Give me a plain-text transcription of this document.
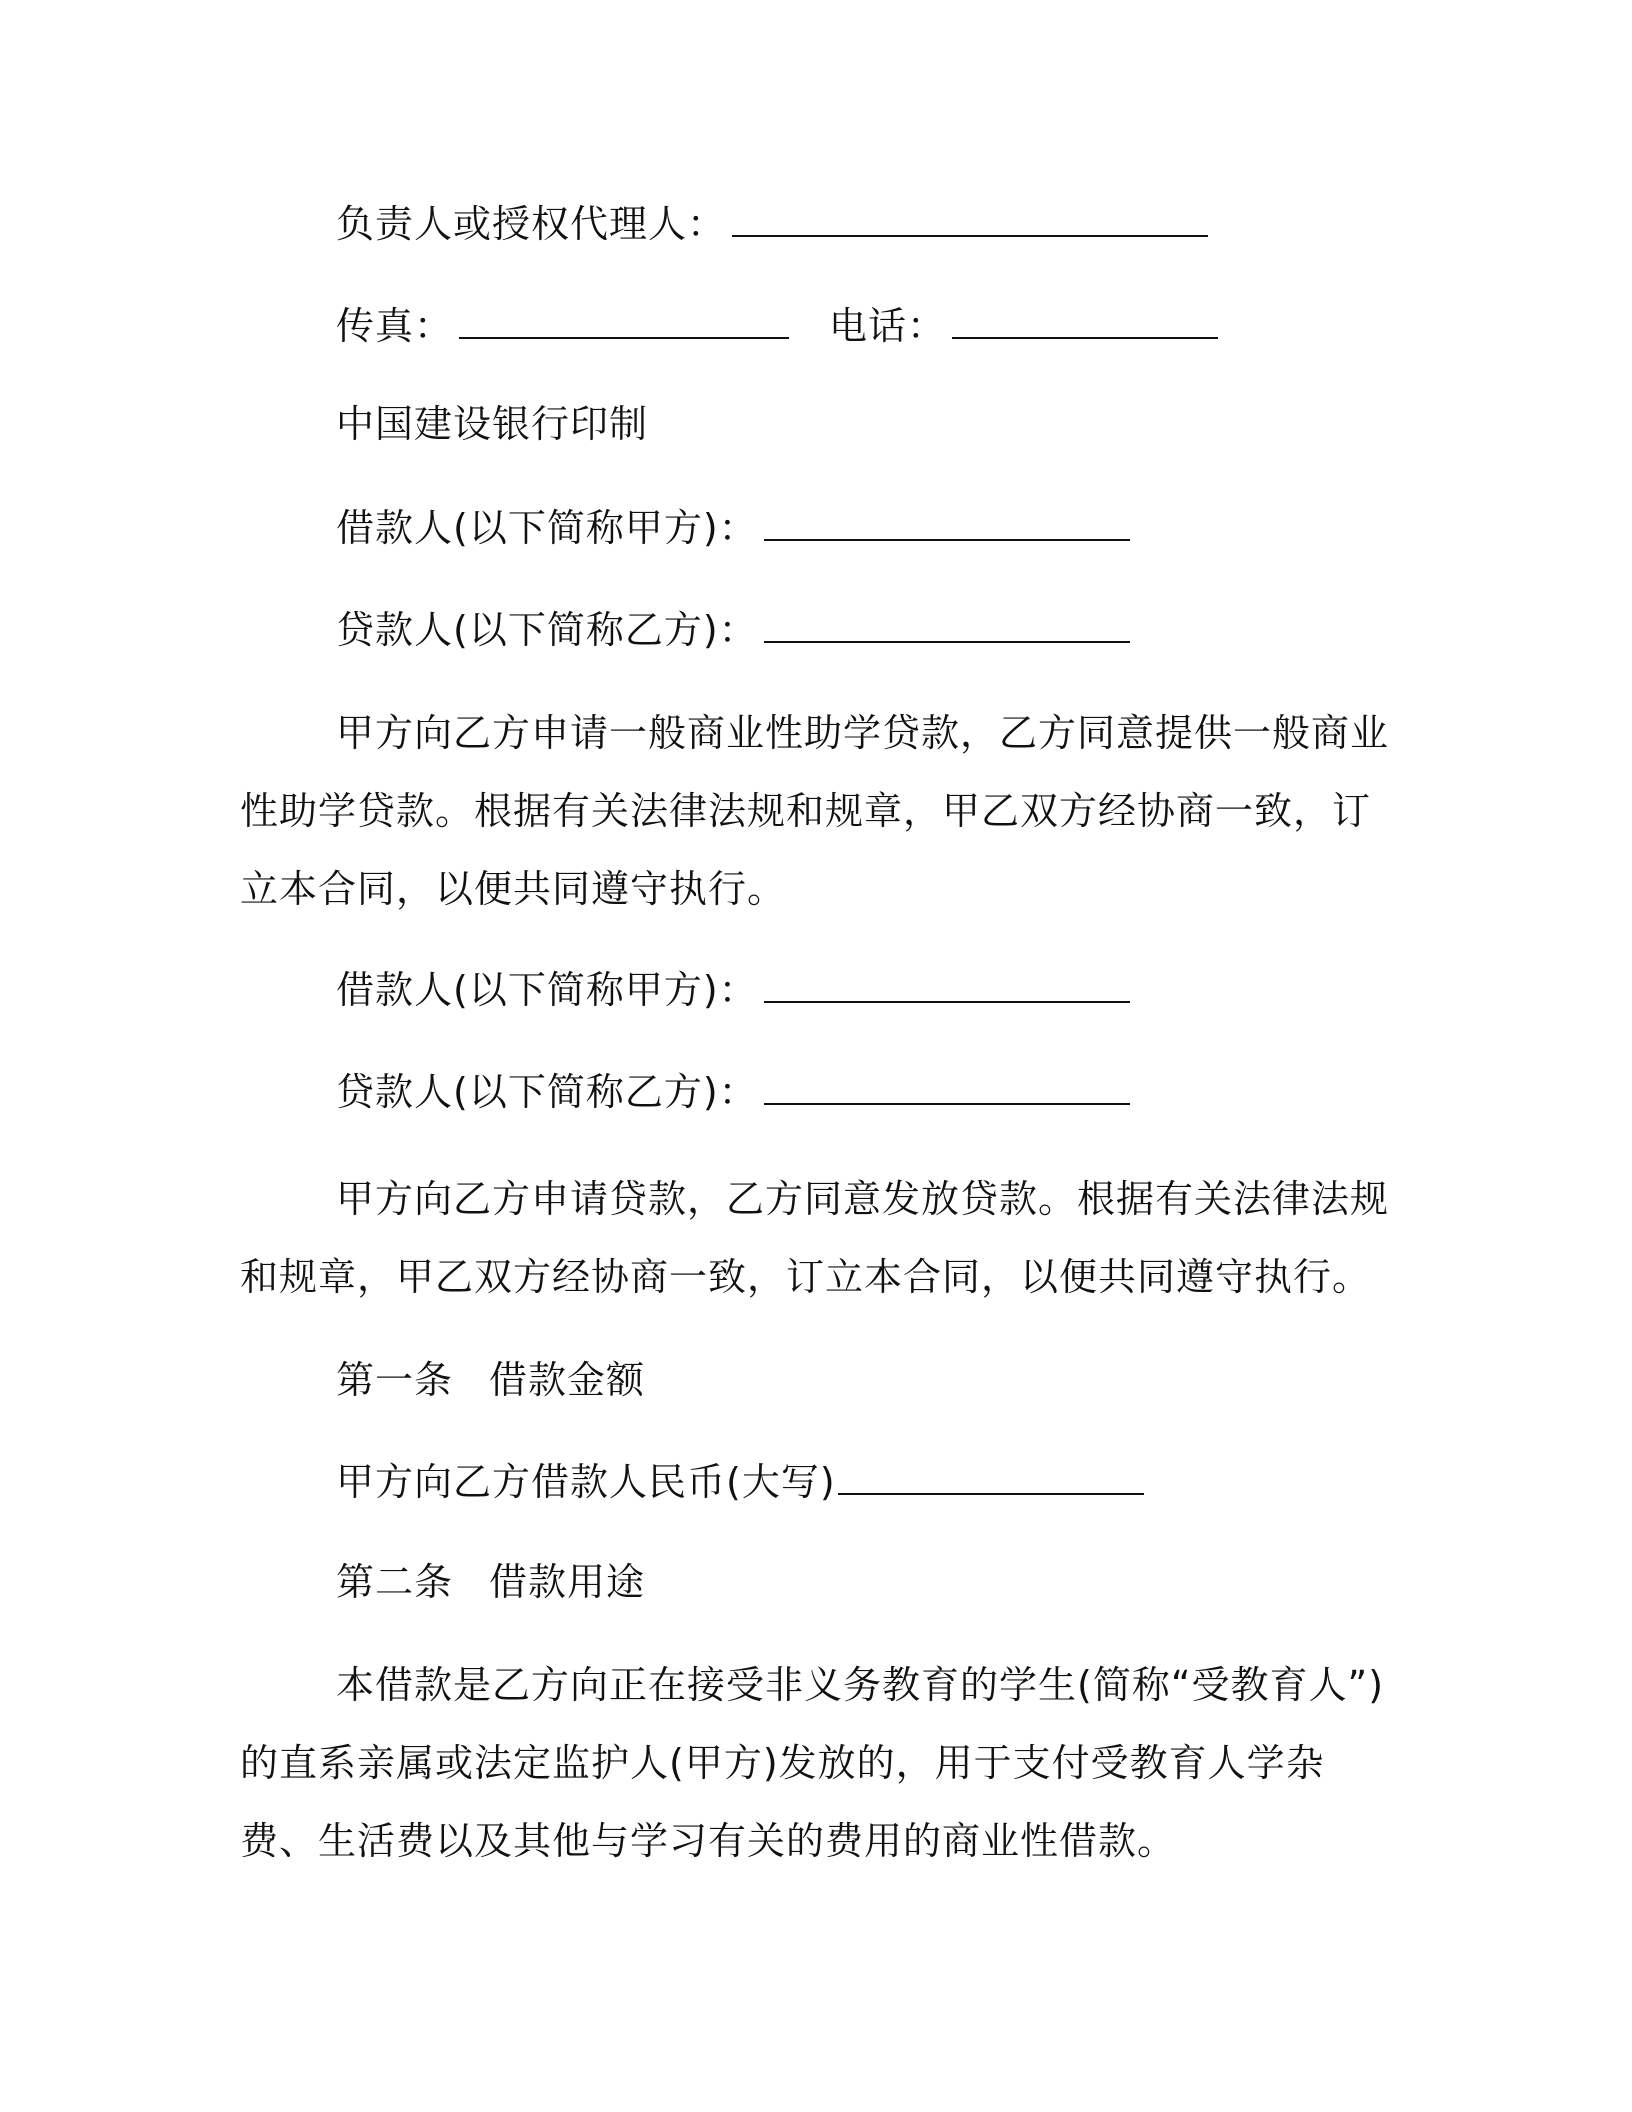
负责人或授权代理人：
传真：	电话：
中国建设银行印制
借款人(以下简称甲方)：
贷款人(以下简称乙方)：

甲方向乙方申请一般商业性助学贷款，乙方同意提供一般商业性助学贷款。根据有关法律法规和规章，甲乙双方经协商一致，订立本合同，以便共同遵守执行。

借款人(以下简称甲方)：
贷款人(以下简称乙方)：

甲方向乙方申请贷款，乙方同意发放贷款。根据有关法律法规和规章，甲乙双方经协商一致，订立本合同，以便共同遵守执行。

第一条 借款金额
甲方向乙方借款人民币(大写)
第二条 借款用途

本借款是乙方向正在接受非义务教育的学生(简称“受教育人”)的直系亲属或法定监护人(甲方)发放的，用于支付受教育人学杂费、生活费以及其他与学习有关的费用的商业性借款。
